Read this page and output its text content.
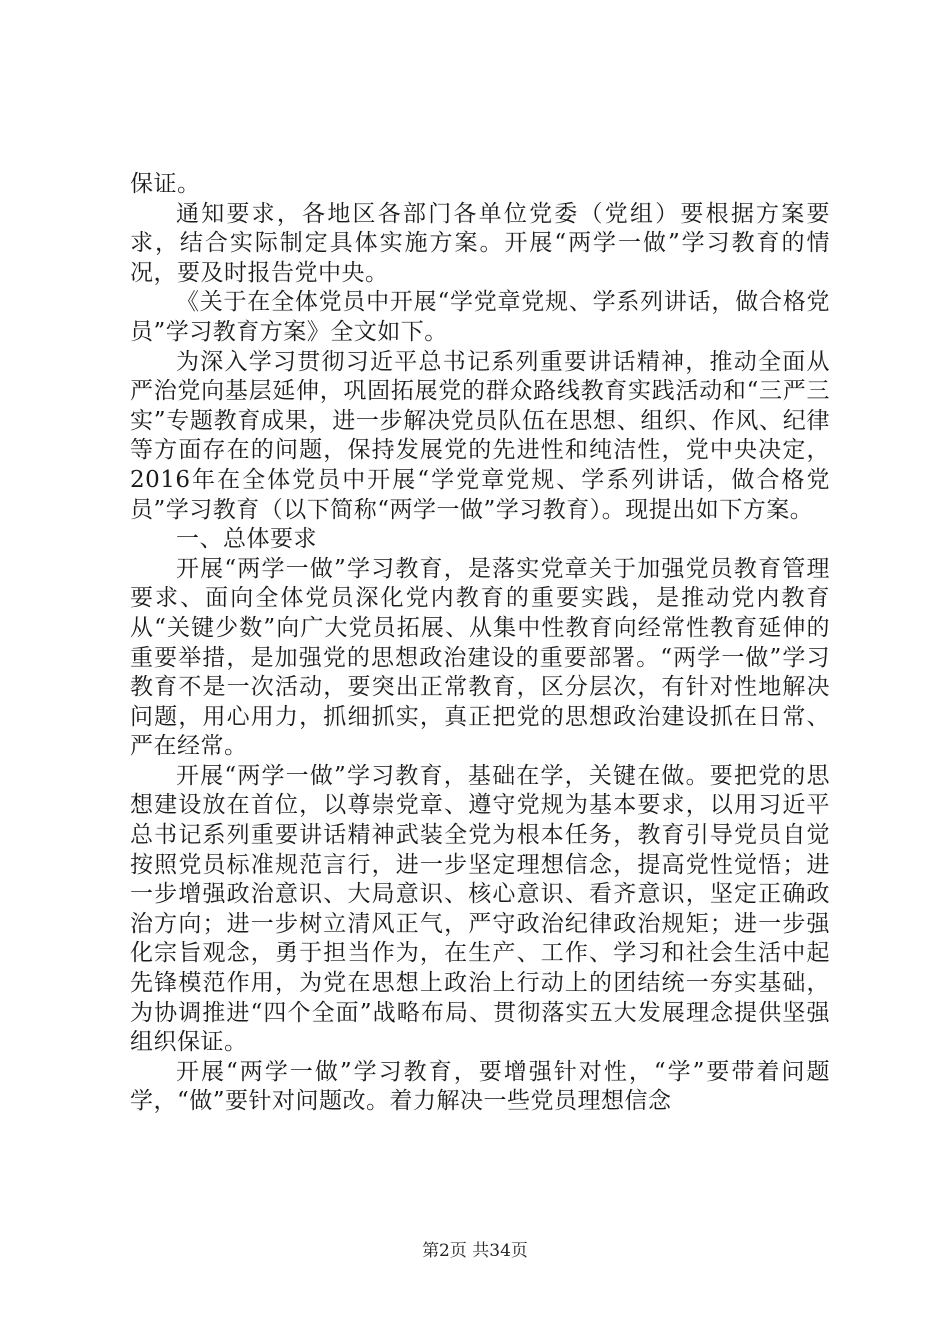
保证。

通知要求，各地区各部门各单位党委（党组）要根据方案要求，结合实际制定具体实施方案。开展“两学一做”学习教育的情况，要及时报告党中央。

《关于在全体党员中开展“学党章党规、学系列讲话，做合格党员”学习教育方案》全文如下。

为深入学习贯彻习近平总书记系列重要讲话精神，推动全面从严治党向基层延伸，巩固拓展党的群众路线教育实践活动和“三严三实”专题教育成果，进一步解决党员队伍在思想、组织、作风、纪律等方面存在的问题，保持发展党的先进性和纯洁性，党中央决定，2016年在全体党员中开展“学党章党规、学系列讲话，做合格党员”学习教育（以下简称“两学一做”学习教育）。现提出如下方案。

一、总体要求

开展“两学一做”学习教育，是落实党章关于加强党员教育管理要求、面向全体党员深化党内教育的重要实践，是推动党内教育从“关键少数”向广大党员拓展、从集中性教育向经常性教育延伸的重要举措，是加强党的思想政治建设的重要部署。“两学一做”学习教育不是一次活动，要突出正常教育，区分层次，有针对性地解决问题，用心用力，抓细抓实，真正把党的思想政治建设抓在日常、严在经常。

开展“两学一做”学习教育，基础在学，关键在做。要把党的思想建设放在首位，以尊崇党章、遵守党规为基本要求，以用习近平总书记系列重要讲话精神武装全党为根本任务，教育引导党员自觉按照党员标准规范言行，进一步坚定理想信念，提高党性觉悟；进一步增强政治意识、大局意识、核心意识、看齐意识，坚定正确政治方向；进一步树立清风正气，严守政治纪律政治规矩；进一步强化宗旨观念，勇于担当作为，在生产、工作、学习和社会生活中起先锋模范作用，为党在思想上政治上行动上的团结统一夯实基础，为协调推进“四个全面”战略布局、贯彻落实五大发展理念提供坚强组织保证。

开展“两学一做”学习教育，要增强针对性，“学”要带着问题学，“做”要针对问题改。着力解决一些党员理想信念

第2页 共34页
